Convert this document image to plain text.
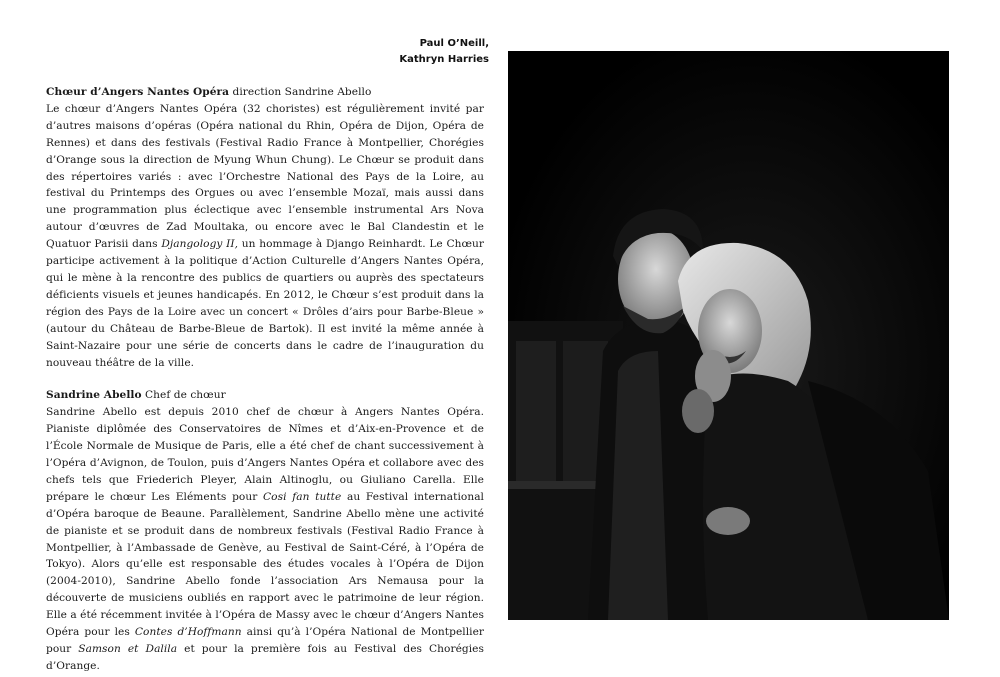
Paul O’Neill,
Kathryn Harries

Chœur d’Angers Nantes Opéra direction Sandrine Abello
Le chœur d’Angers Nantes Opéra (32 choristes) est régulièrement invité par d’autres maisons d’opéras (Opéra national du Rhin, Opéra de Dijon, Opéra de Rennes) et dans des festivals (Festival Radio France à Montpellier, Chorégies d’Orange sous la direction de Myung Whun Chung). Le Chœur se produit dans des répertoires variés : avec l’Orchestre National des Pays de la Loire, au festival du Printemps des Orgues ou avec l’ensemble Mozaï, mais aussi dans une programmation plus éclectique avec l’ensemble instrumental Ars Nova autour d’œuvres de Zad Moultaka, ou encore avec le Bal Clandestin et le Quatuor Parisii dans Djangology II, un hommage à Django Reinhardt. Le Chœur participe activement à la politique d’Action Culturelle d’Angers Nantes Opéra, qui le mène à la rencontre des publics de quartiers ou auprès des spectateurs déficients visuels et jeunes handicapés. En 2012, le Chœur s’est produit dans la région des Pays de la Loire avec un concert « Drôles d’airs pour Barbe-Bleue » (autour du Château de Barbe-Bleue de Bartok). Il est invité la même année à Saint-Nazaire pour une série de concerts dans le cadre de l’inauguration du nouveau théâtre de la ville.

Sandrine Abello Chef de chœur
Sandrine Abello est depuis 2010 chef de chœur à Angers Nantes Opéra. Pianiste diplômée des Conservatoires de Nîmes et d’Aix-en-Provence et de l’École Normale de Musique de Paris, elle a été chef de chant successivement à l’Opéra d’Avignon, de Toulon, puis d’Angers Nantes Opéra et collabore avec des chefs tels que Friederich Pleyer, Alain Altinoglu, ou Giuliano Carella. Elle prépare le chœur Les Eléments pour Cosi fan tutte au Festival international d’Opéra baroque de Beaune. Parallèlement, Sandrine Abello mène une activité de pianiste et se produit dans de nombreux festivals (Festival Radio France à Montpellier, à l’Ambassade de Genève, au Festival de Saint-Céré, à l’Opéra de Tokyo). Alors qu’elle est responsable des études vocales à l’Opéra de Dijon (2004-2010), Sandrine Abello fonde l’association Ars Nemausa pour la découverte de musiciens oubliés en rapport avec le patrimoine de leur région. Elle a été récemment invitée à l’Opéra de Massy avec le chœur d’Angers Nantes Opéra pour les Contes d’Hoffmann ainsi qu’à l’Opéra National de Montpellier pour Samson et Dalila et pour la première fois au Festival des Chorégies d’Orange.
